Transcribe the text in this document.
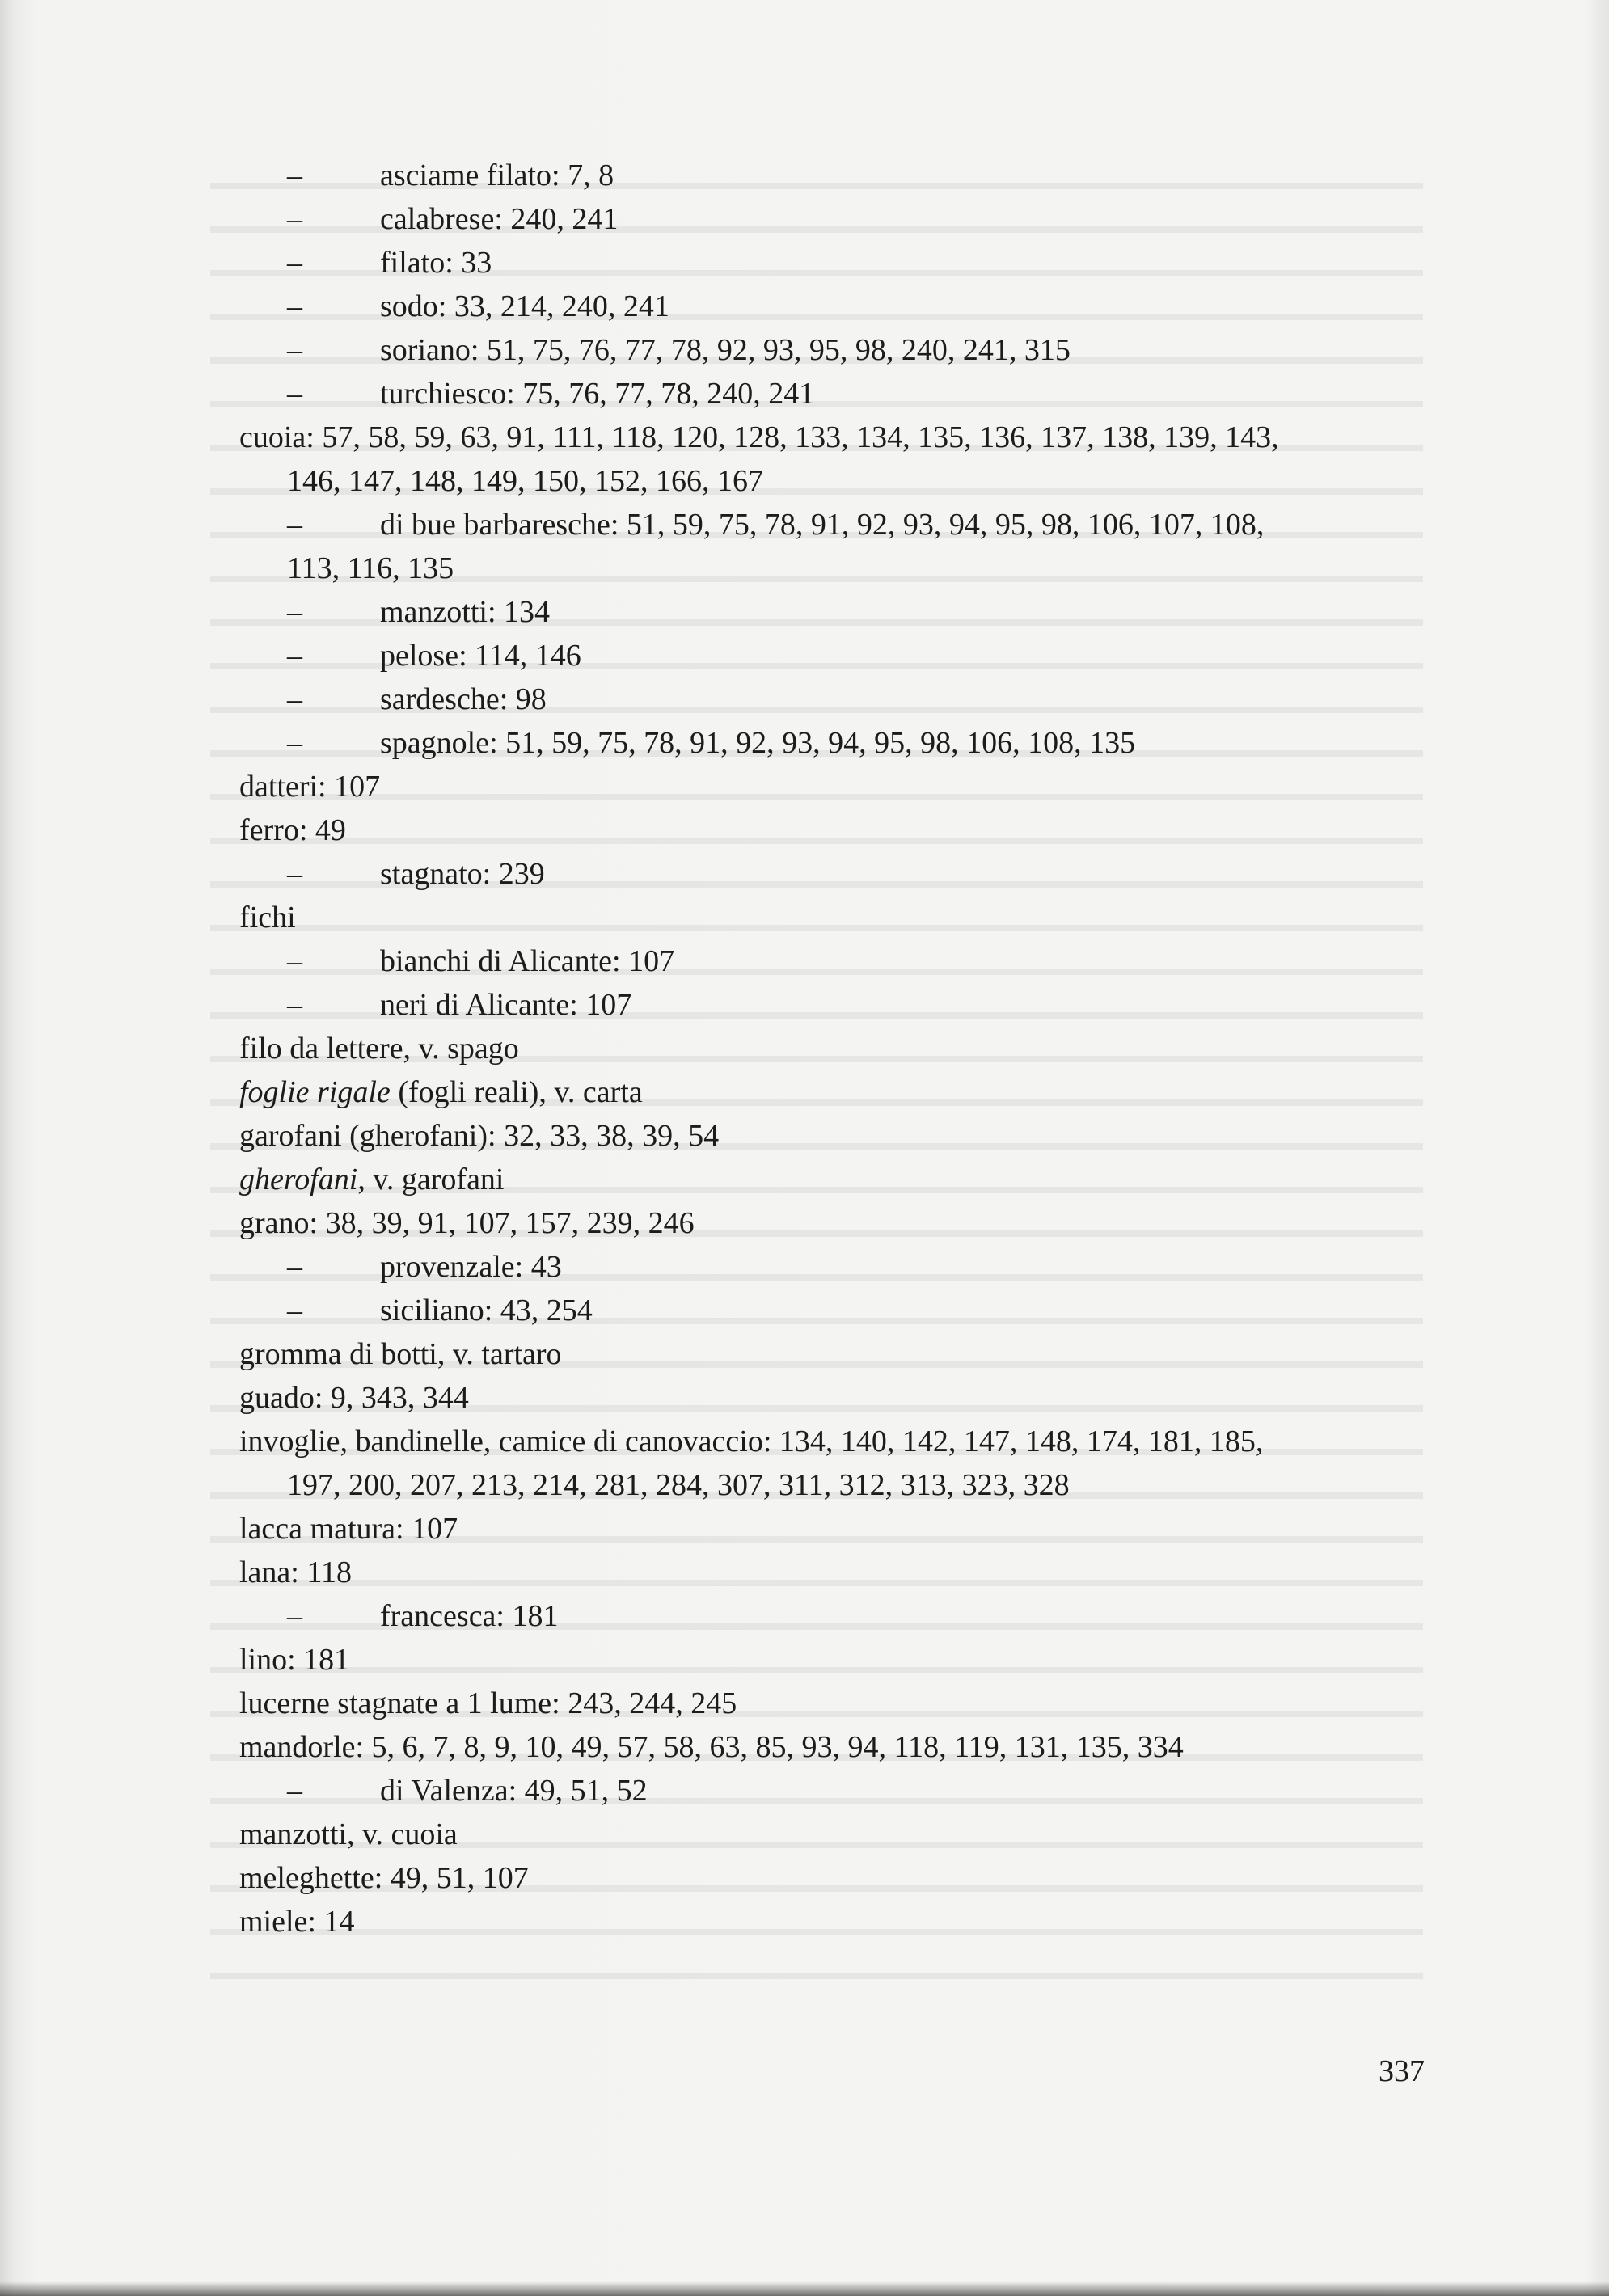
–	asciame filato: 7, 8
–	calabrese: 240, 241
–	filato: 33
–	sodo: 33, 214, 240, 241
–	soriano: 51, 75, 76, 77, 78, 92, 93, 95, 98, 240, 241, 315
–	turchiesco: 75, 76, 77, 78, 240, 241
cuoia: 57, 58, 59, 63, 91, 111, 118, 120, 128, 133, 134, 135, 136, 137, 138, 139, 143,
146, 147, 148, 149, 150, 152, 166, 167
–	di bue barbaresche: 51, 59, 75, 78, 91, 92, 93, 94, 95, 98, 106, 107, 108,
113, 116, 135
–	manzotti: 134
–	pelose: 114, 146
–	sardesche: 98
–	spagnole: 51, 59, 75, 78, 91, 92, 93, 94, 95, 98, 106, 108, 135
datteri: 107
ferro: 49
–	stagnato: 239
fichi
–	bianchi di Alicante: 107
–	neri di Alicante: 107
filo da lettere, v. spago
foglie rigale (fogli reali), v. carta
garofani (gherofani): 32, 33, 38, 39, 54
gherofani, v. garofani
grano: 38, 39, 91, 107, 157, 239, 246
–	provenzale: 43
–	siciliano: 43, 254
gromma di botti, v. tartaro
guado: 9, 343, 344
invoglie, bandinelle, camice di canovaccio: 134, 140, 142, 147, 148, 174, 181, 185,
197, 200, 207, 213, 214, 281, 284, 307, 311, 312, 313, 323, 328
lacca matura: 107
lana: 118
–	francesca: 181
lino: 181
lucerne stagnate a 1 lume: 243, 244, 245
mandorle: 5, 6, 7, 8, 9, 10, 49, 57, 58, 63, 85, 93, 94, 118, 119, 131, 135, 334
–	di Valenza: 49, 51, 52
manzotti, v. cuoia
meleghette: 49, 51, 107
miele: 14
337
